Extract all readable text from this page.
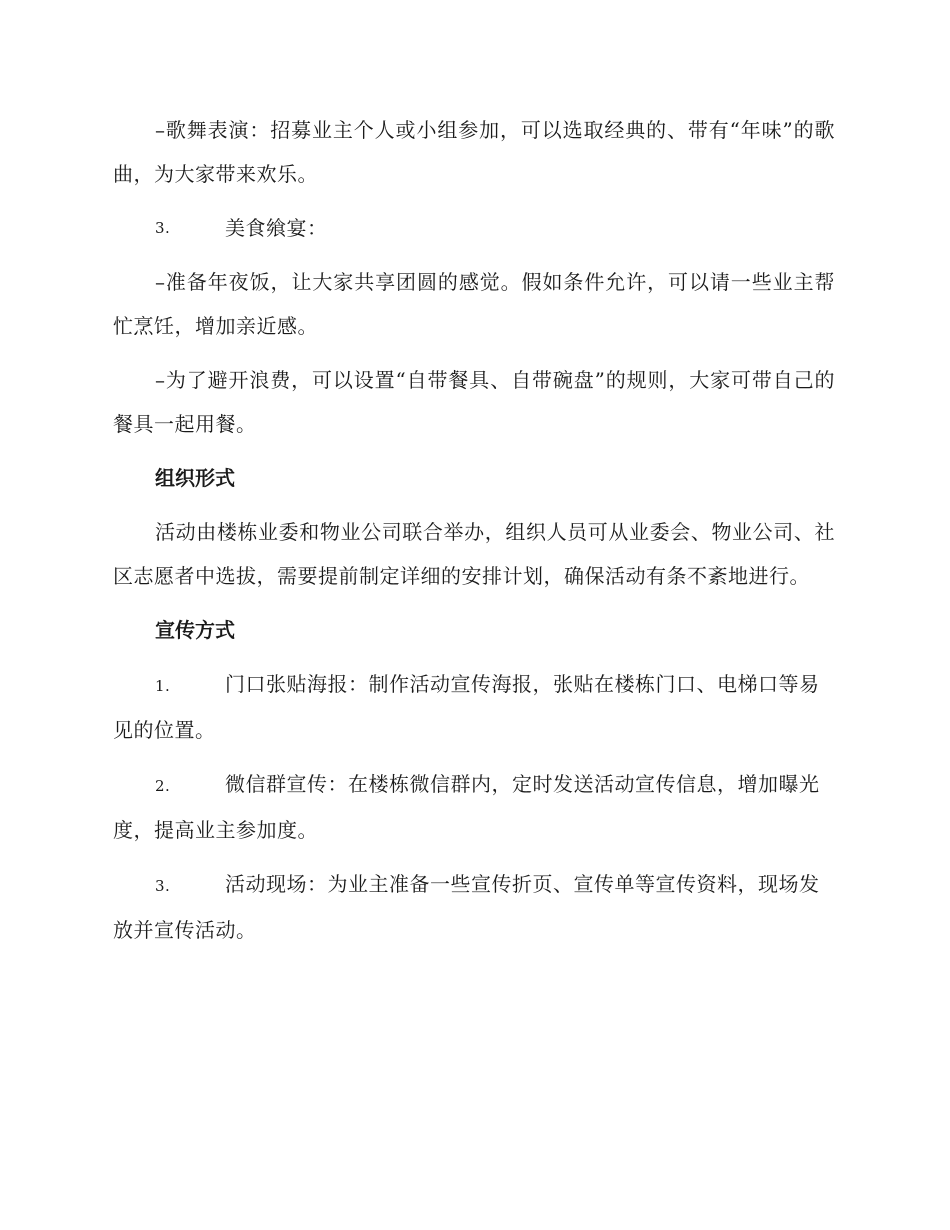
–歌舞表演：招募业主个人或小组参加，可以选取经典的、带有“年味”的歌曲，为大家带来欢乐。

3.	美食飨宴：

–准备年夜饭，让大家共享团圆的感觉。假如条件允许，可以请一些业主帮忙烹饪，增加亲近感。

–为了避开浪费，可以设置“自带餐具、自带碗盘”的规则，大家可带自己的餐具一起用餐。

组织形式

活动由楼栋业委和物业公司联合举办，组织人员可从业委会、物业公司、社区志愿者中选拔，需要提前制定详细的安排计划，确保活动有条不紊地进行。

宣传方式

1.	门口张贴海报：制作活动宣传海报，张贴在楼栋门口、电梯口等易见的位置。

2.	微信群宣传：在楼栋微信群内，定时发送活动宣传信息，增加曝光度，提高业主参加度。

3.	活动现场：为业主准备一些宣传折页、宣传单等宣传资料，现场发放并宣传活动。
